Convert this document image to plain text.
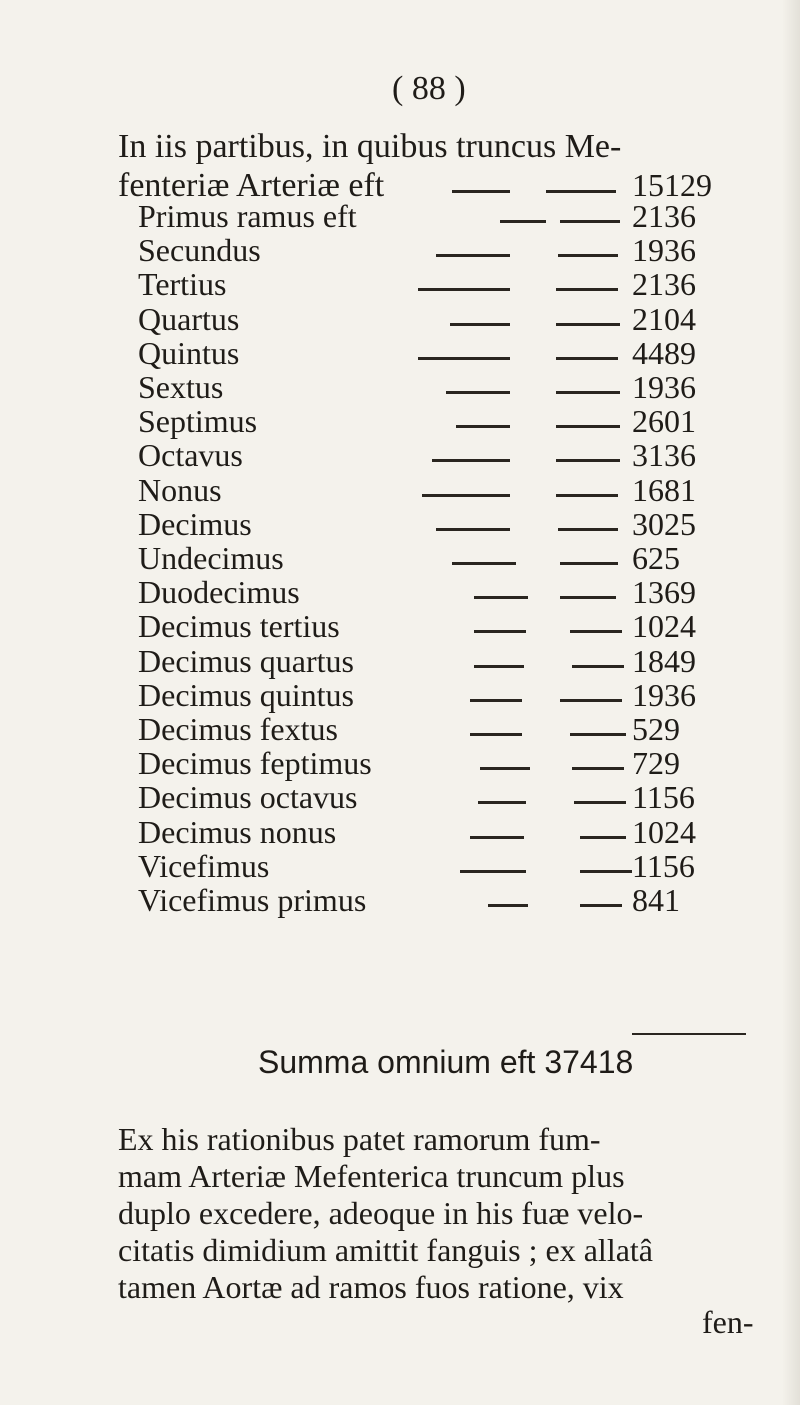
( 88 )
In iis partibus, in quibus truncus Me-
fenteriæ Arteriæ eft	15129
Primus ramus eft	2136
Secundus	1936
Tertius	2136
Quartus	2104
Quintus	4489
Sextus	1936
Septimus	2601
Octavus	3136
Nonus	1681
Decimus	3025
Undecimus	625
Duodecimus	1369
Decimus tertius	1024
Decimus quartus	1849
Decimus quintus	1936
Decimus fextus	529
Decimus feptimus	729
Decimus octavus	1156
Decimus nonus	1024
Vicefimus	1156
Vicefimus primus	841
Summa omnium eft 37418
Ex his rationibus patet ramorum fum-
mam Arteriæ Mefenterica truncum plus
duplo excedere, adeoque in his fuæ velo-
citatis dimidium amittit fanguis ; ex allatâ
tamen Aortæ ad ramos fuos ratione, vix
fen-
